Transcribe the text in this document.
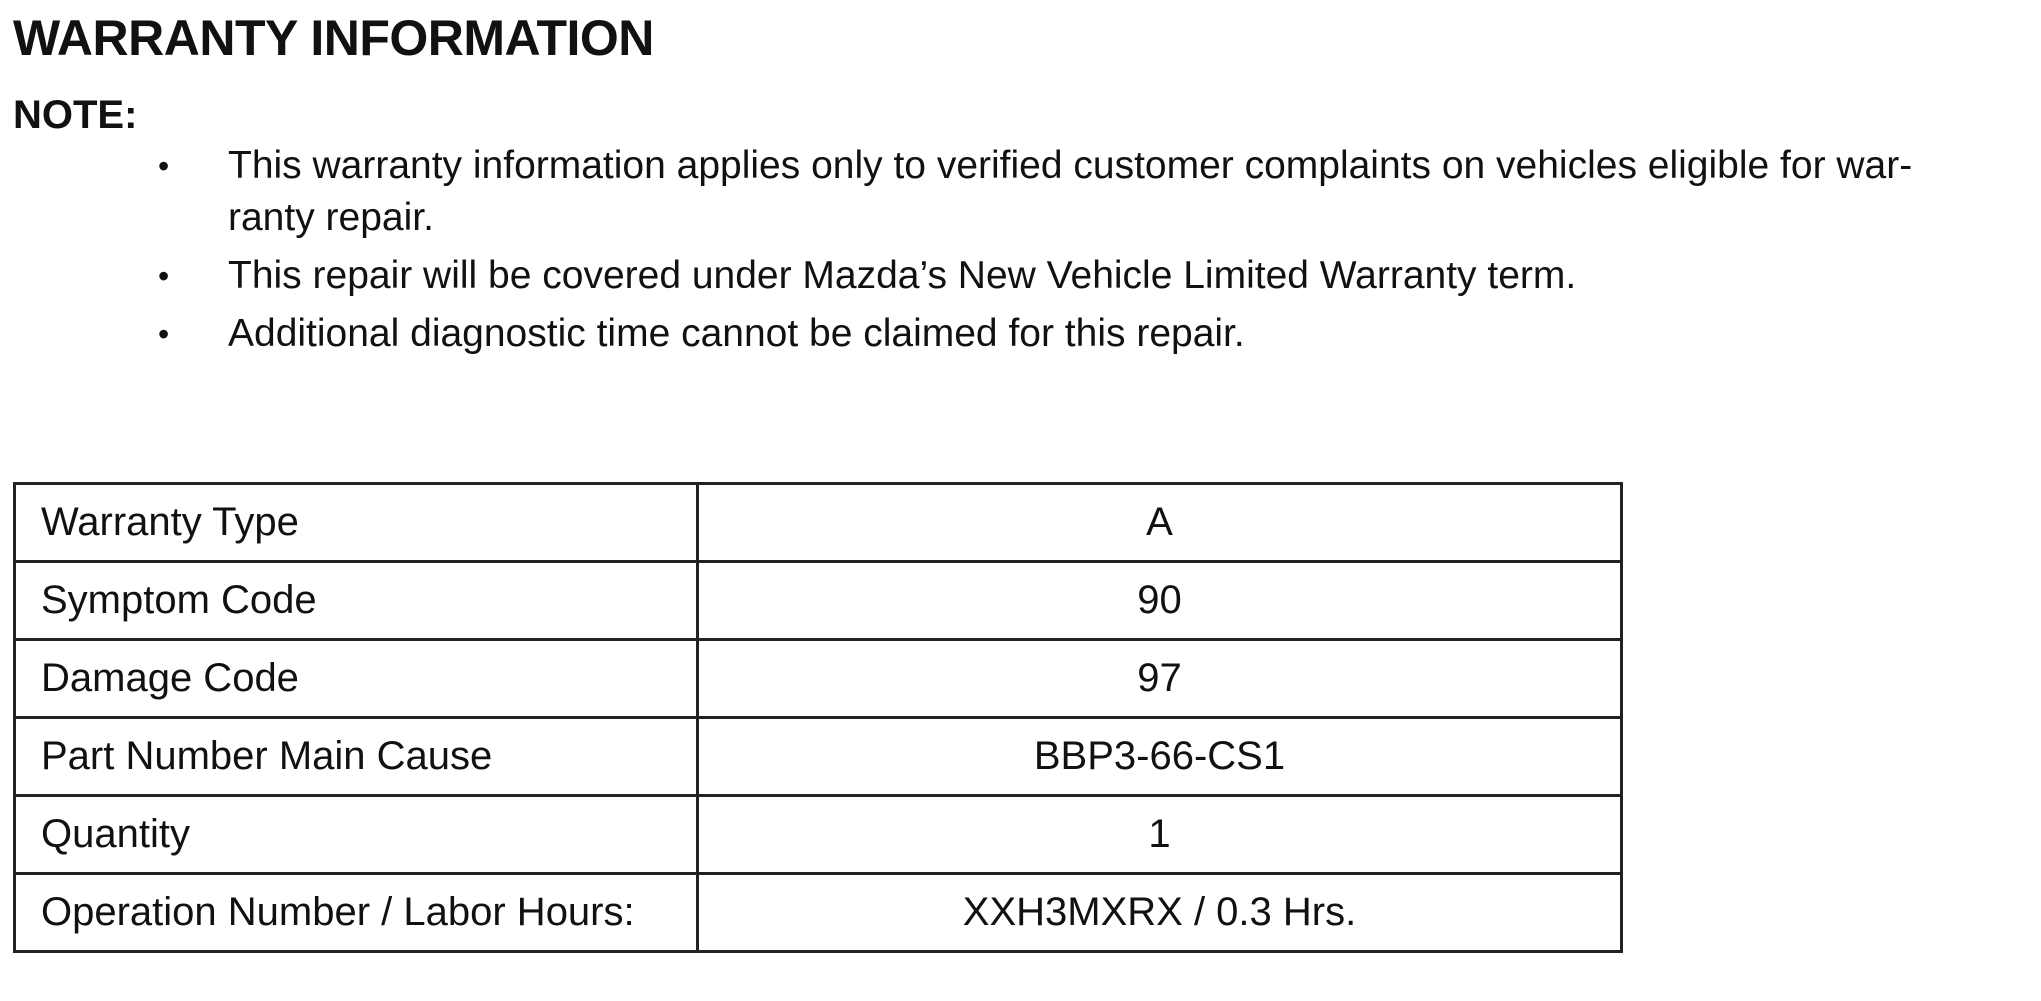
WARRANTY INFORMATION
NOTE:
• This warranty information applies only to verified customer complaints on vehicles eligible for war-
ranty repair.
• This repair will be covered under Mazda’s New Vehicle Limited Warranty term.
• Additional diagnostic time cannot be claimed for this repair.
Warranty Type	A
Symptom Code	90
Damage Code	97
Part Number Main Cause	BBP3-66-CS1
Quantity	1
Operation Number / Labor Hours:	XXH3MXRX / 0.3 Hrs.
